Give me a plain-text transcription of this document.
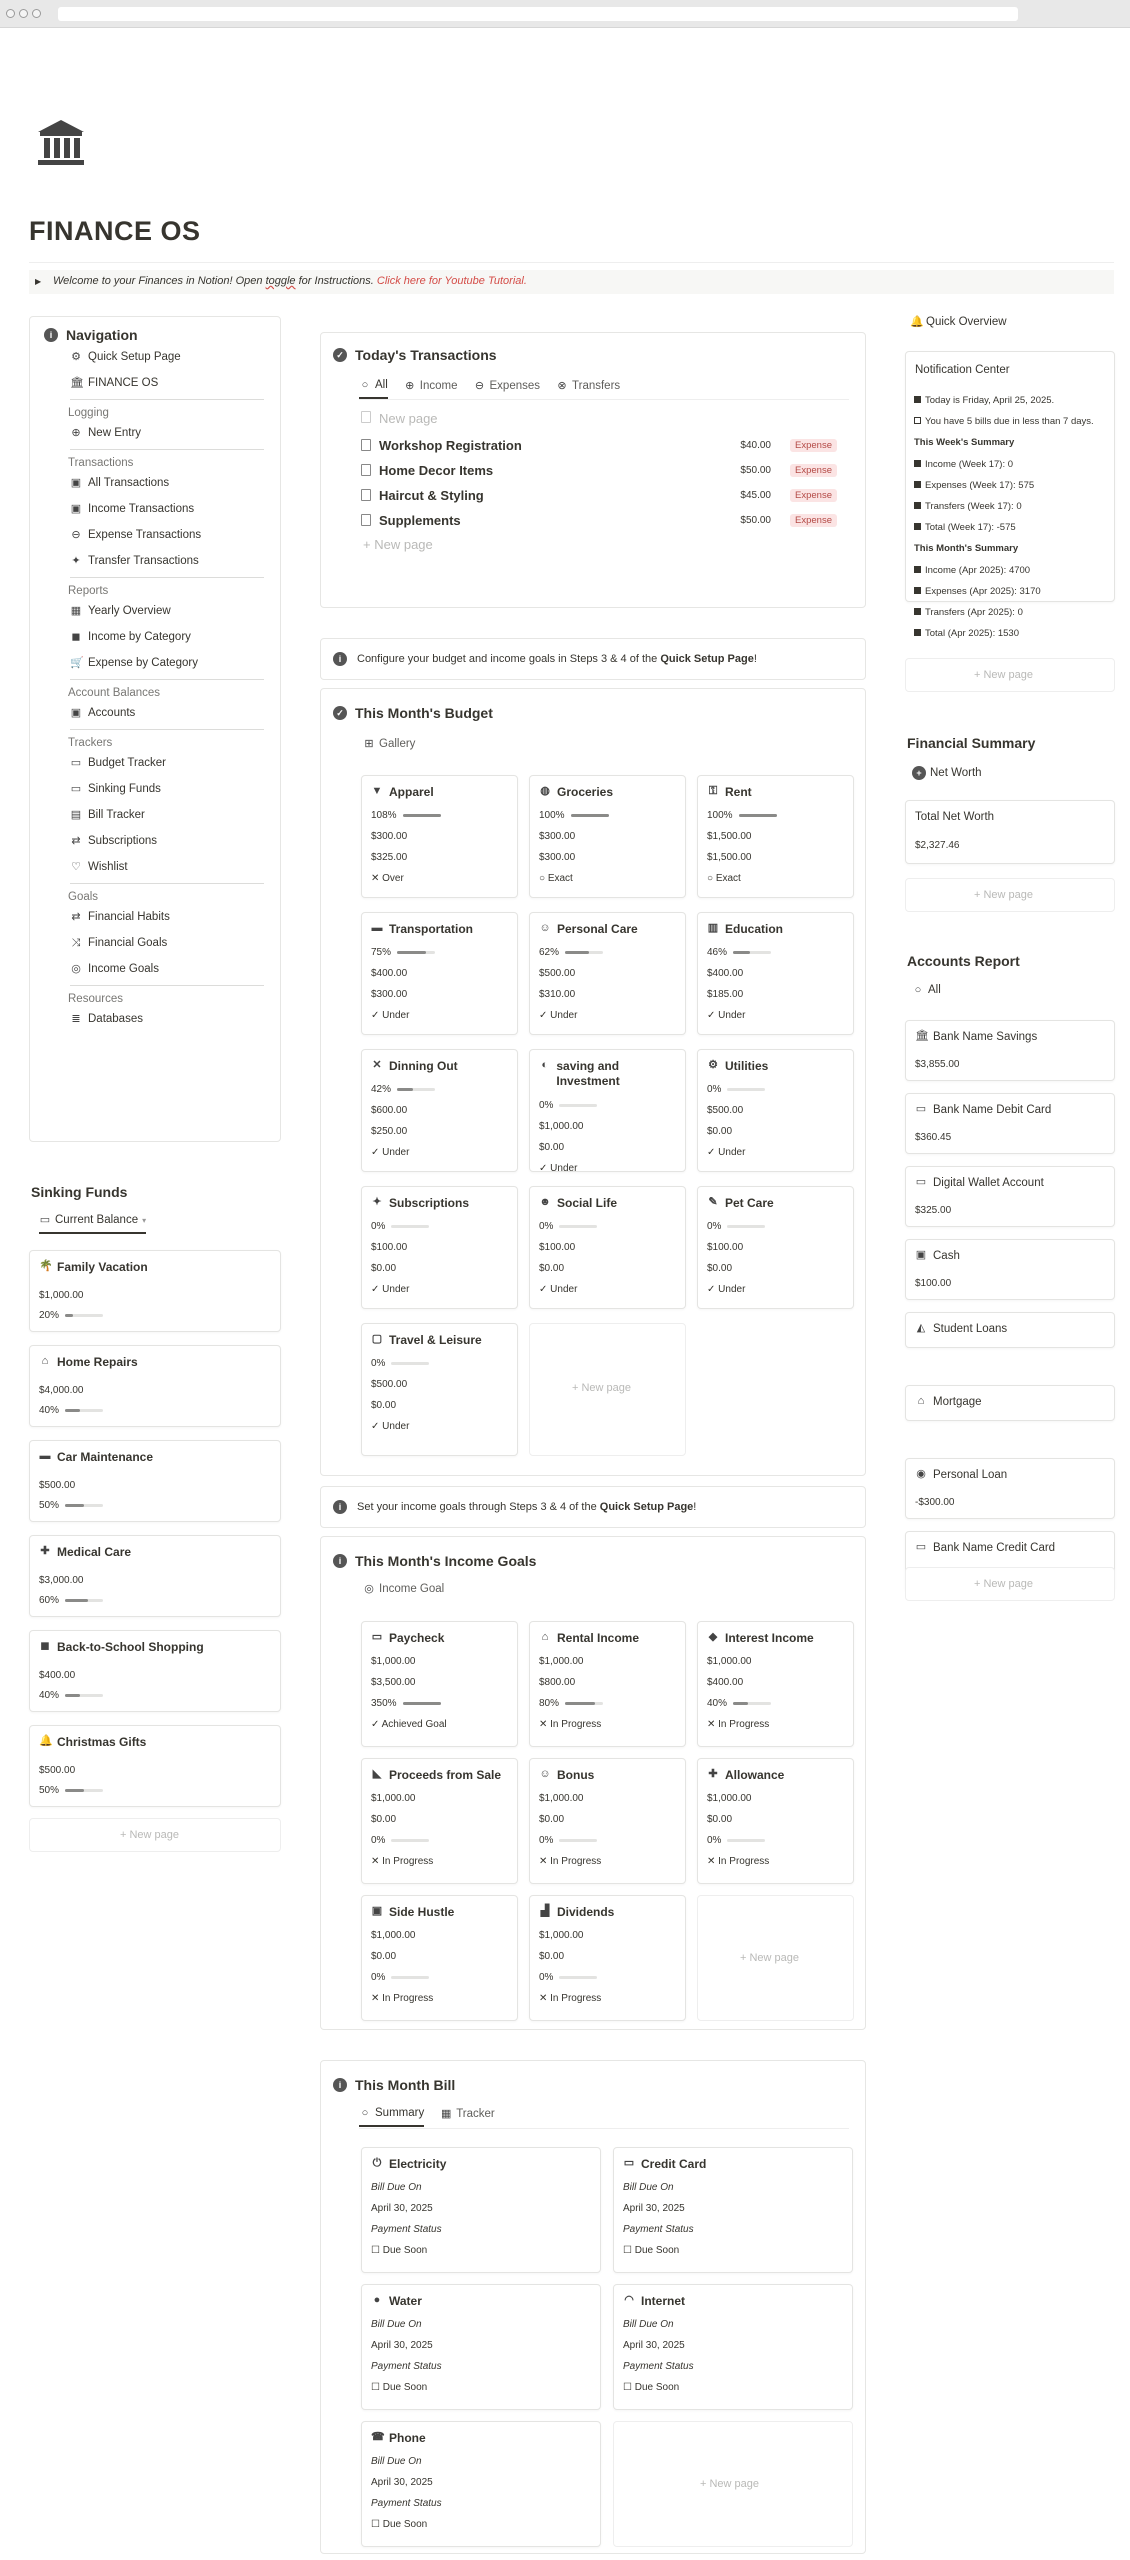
FINANCE OS
▶ Welcome to your Finances in Notion! Open toggle for Instructions. Click here for Youtube Tutorial.
i Navigation
⚙ Quick Setup Page
🏛 FINANCE OS
Logging
⊕ New Entry
Transactions
▣ All Transactions
▣ Income Transactions
⊖ Expense Transactions
✦ Transfer Transactions
Reports
▦ Yearly Overview
◼ Income by Category
🛒 Expense by Category
Account Balances
▣ Accounts
Trackers
▭ Budget Tracker
▭ Sinking Funds
▤ Bill Tracker
⇄ Subscriptions
♡ Wishlist
Goals
⇄ Financial Habits
⤨ Financial Goals
◎ Income Goals
Resources
≣ Databases
Sinking Funds
▭ Current Balance ▾
🌴 Family Vacation
$1,000.00
20%
⌂ Home Repairs
$4,000.00
40%
▬ Car Maintenance
$500.00
50%
✚ Medical Care
$3,000.00
60%
◼ Back-to-School Shopping
$400.00
40%
🔔 Christmas Gifts
$500.00
50%
+ New page
✓ Today's Transactions
○ All ⊕ Income ⊖ Expenses ⊗ Transfers
New page
Workshop Registration	$40.00	Expense
Home Decor Items	$50.00	Expense
Haircut & Styling	$45.00	Expense
Supplements	$50.00	Expense
+ New page
i	Configure your budget and income goals in Steps 3 & 4 of the Quick Setup Page!
✓ This Month's Budget
⊞ Gallery
▼ Apparel
108%
$300.00
$325.00
✕ Over
◍ Groceries
100%
$300.00
$300.00
○ Exact
⚿ Rent
100%
$1,500.00
$1,500.00
○ Exact
▬ Transportation
75%
$400.00
$300.00
✓ Under
☺ Personal Care
62%
$500.00
$310.00
✓ Under
▥ Education
46%
$400.00
$185.00
✓ Under
✕ Dinning Out
42%
$600.00
$250.00
✓ Under
◐ saving and Investment
0%
$1,000.00
$0.00
✓ Under
⚙ Utilities
0%
$500.00
$0.00
✓ Under
✦ Subscriptions
0%
$100.00
$0.00
✓ Under
☻ Social Life
0%
$100.00
$0.00
✓ Under
✎ Pet Care
0%
$100.00
$0.00
✓ Under
▢ Travel & Leisure
0%
$500.00
$0.00
✓ Under
+ New page
i	Set your income goals through Steps 3 & 4 of the Quick Setup Page!
i This Month's Income Goals
◎ Income Goal
▭ Paycheck
$1,000.00
$3,500.00
350%
✓ Achieved Goal
⌂ Rental Income
$1,000.00
$800.00
80%
✕ In Progress
◆ Interest Income
$1,000.00
$400.00
40%
✕ In Progress
◣ Proceeds from Sale
$1,000.00
$0.00
0%
✕ In Progress
☺ Bonus
$1,000.00
$0.00
0%
✕ In Progress
✚ Allowance
$1,000.00
$0.00
0%
✕ In Progress
▣ Side Hustle
$1,000.00
$0.00
0%
✕ In Progress
▟ Dividends
$1,000.00
$0.00
0%
✕ In Progress
+ New page
i This Month Bill
○ Summary ▦ Tracker
⏻ Electricity
Bill Due On
April 30, 2025
Payment Status
☐ Due Soon
▭ Credit Card
Bill Due On
April 30, 2025
Payment Status
☐ Due Soon
● Water
Bill Due On
April 30, 2025
Payment Status
☐ Due Soon
◠ Internet
Bill Due On
April 30, 2025
Payment Status
☐ Due Soon
☎ Phone
Bill Due On
April 30, 2025
Payment Status
☐ Due Soon
+ New page
🔔 Quick Overview
Notification Center
Today is Friday, April 25, 2025.
You have 5 bills due in less than 7 days.
This Week's Summary
Income (Week 17): 0
Expenses (Week 17): 575
Transfers (Week 17): 0
Total (Week 17): -575
This Month's Summary
Income (Apr 2025): 4700
Expenses (Apr 2025): 3170
Transfers (Apr 2025): 0
Total (Apr 2025): 1530
+ New page
Financial Summary
+ Net Worth
Total Net Worth
$2,327.46
+ New page
Accounts Report
○ All
🏛 Bank Name Savings
$3,855.00
▭ Bank Name Debit Card
$360.45
▭ Digital Wallet Account
$325.00
▣ Cash
$100.00
◭ Student Loans
⌂ Mortgage
◉ Personal Loan
-$300.00
▭ Bank Name Credit Card
+ New page
